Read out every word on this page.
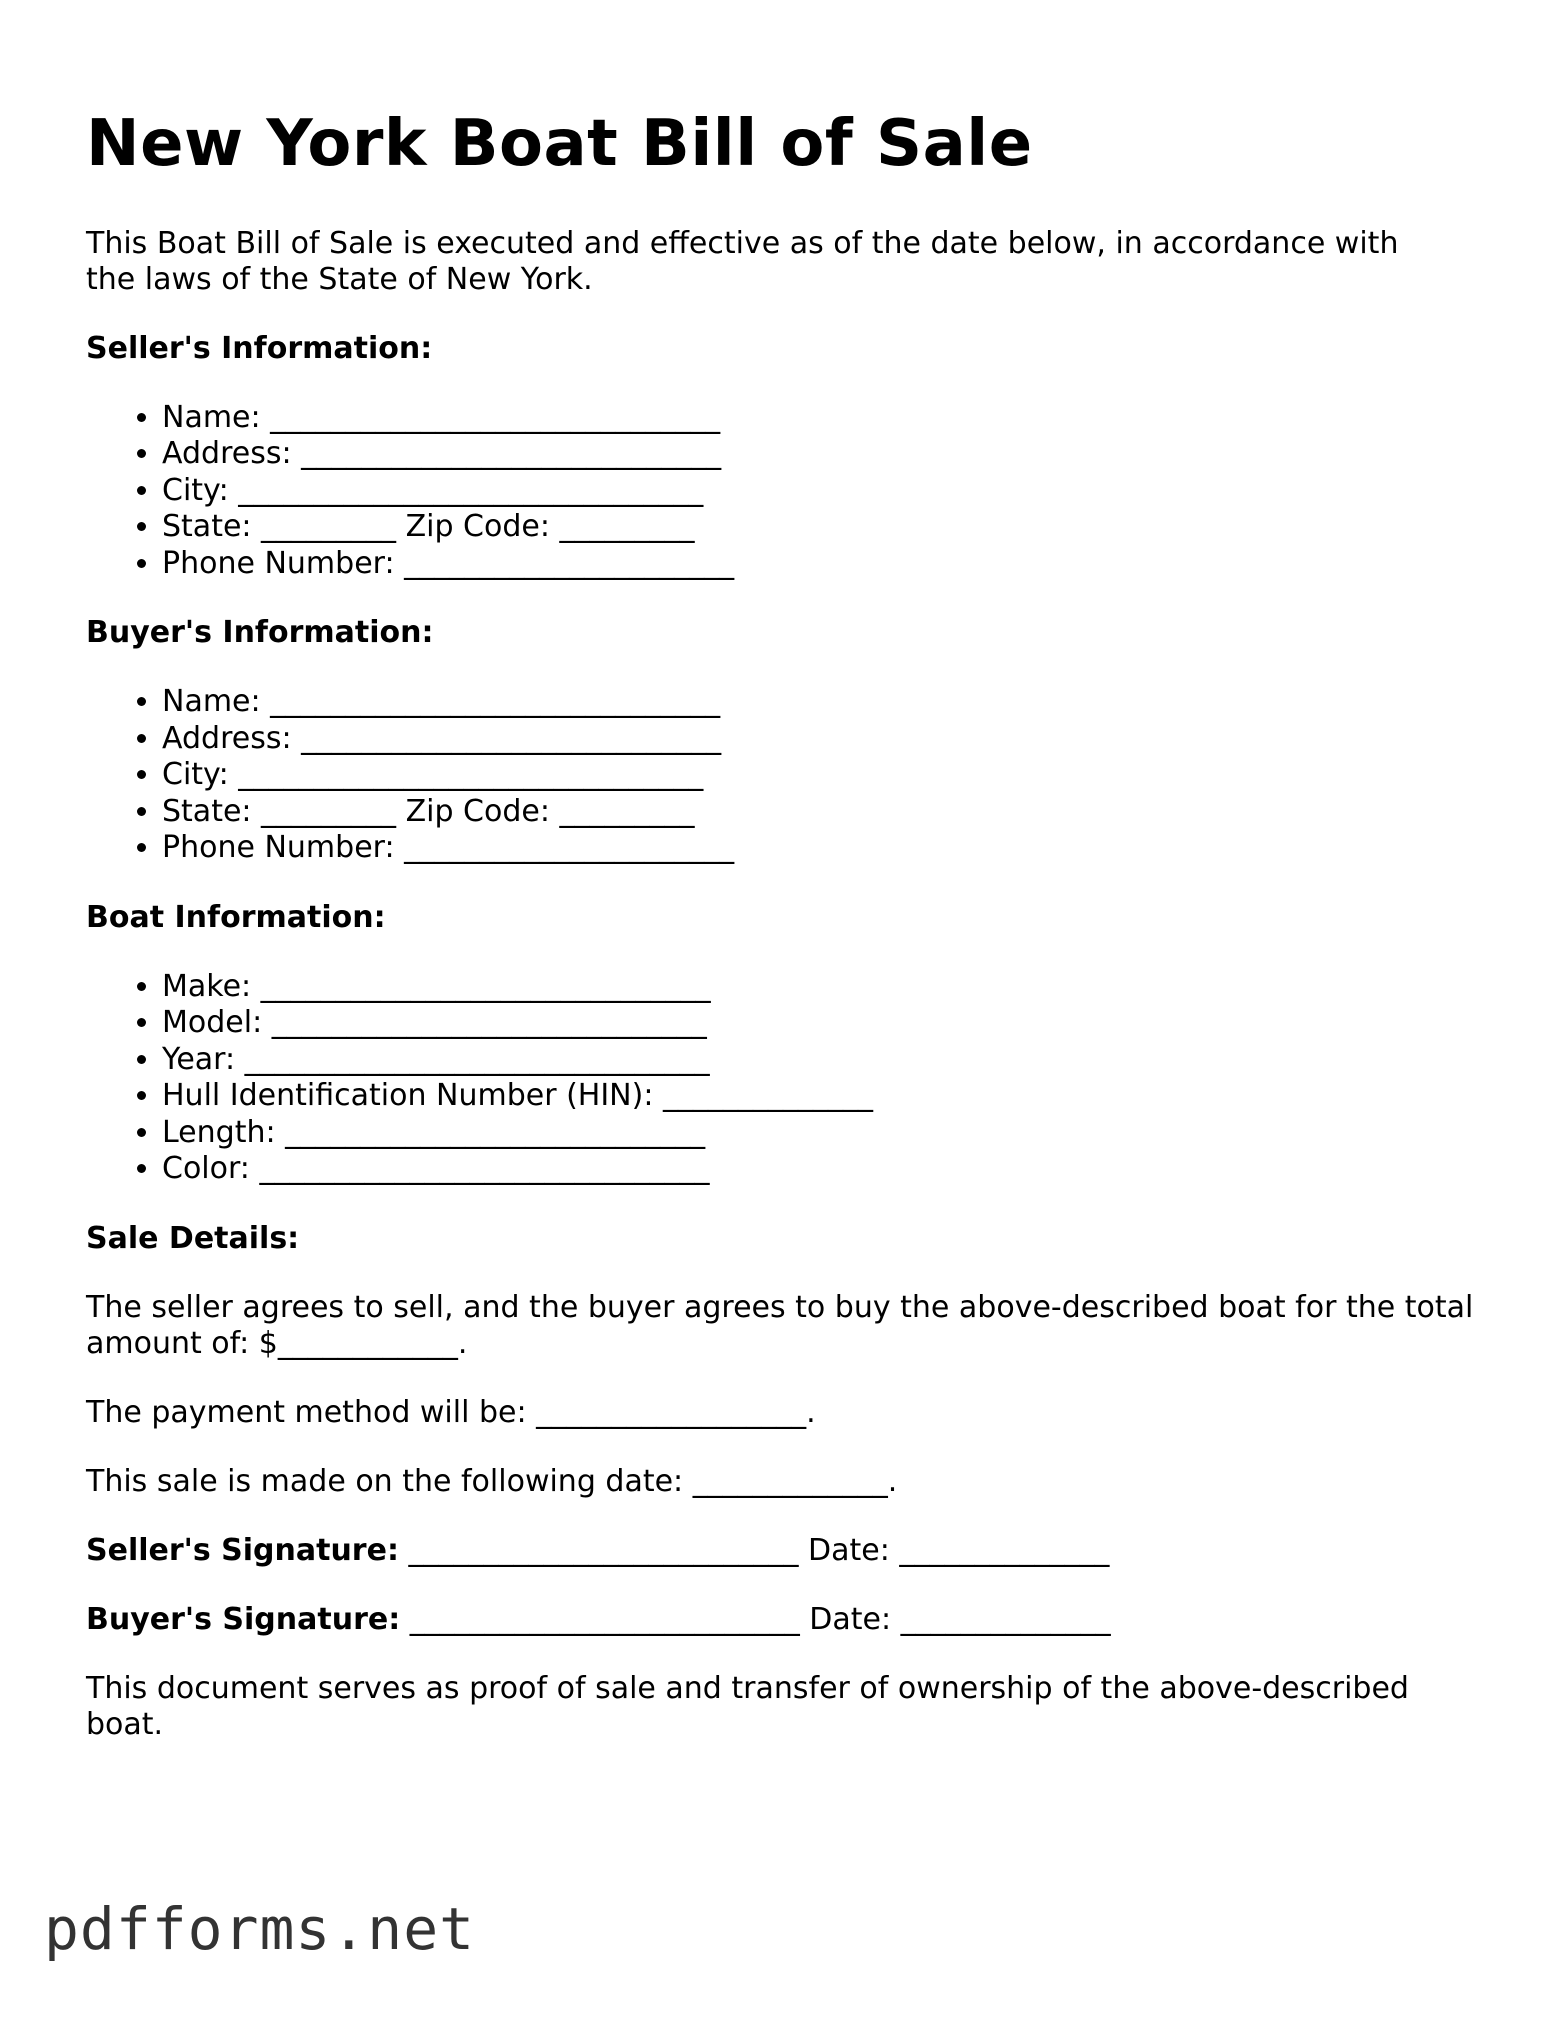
New York Boat Bill of Sale

This Boat Bill of Sale is executed and effective as of the date below, in accordance with the laws of the State of New York.

Seller's Information:
• Name: ______________________________
• Address: ____________________________
• City: _______________________________
• State: _________ Zip Code: _________
• Phone Number: ______________________
Buyer's Information:
• Name: ______________________________
• Address: ____________________________
• City: _______________________________
• State: _________ Zip Code: _________
• Phone Number: ______________________
Boat Information:
• Make: ______________________________
• Model: _____________________________
• Year: _______________________________
• Hull Identification Number (HIN): ______________
• Length: ____________________________
• Color: ______________________________
Sale Details:

The seller agrees to sell, and the buyer agrees to buy the above-described boat for the total amount of: $____________.

The payment method will be: __________________.

This sale is made on the following date: _____________.

Seller's Signature: __________________________ Date: ______________

Buyer's Signature: __________________________ Date: ______________

This document serves as proof of sale and transfer of ownership of the above-described boat.

pdfforms.net
